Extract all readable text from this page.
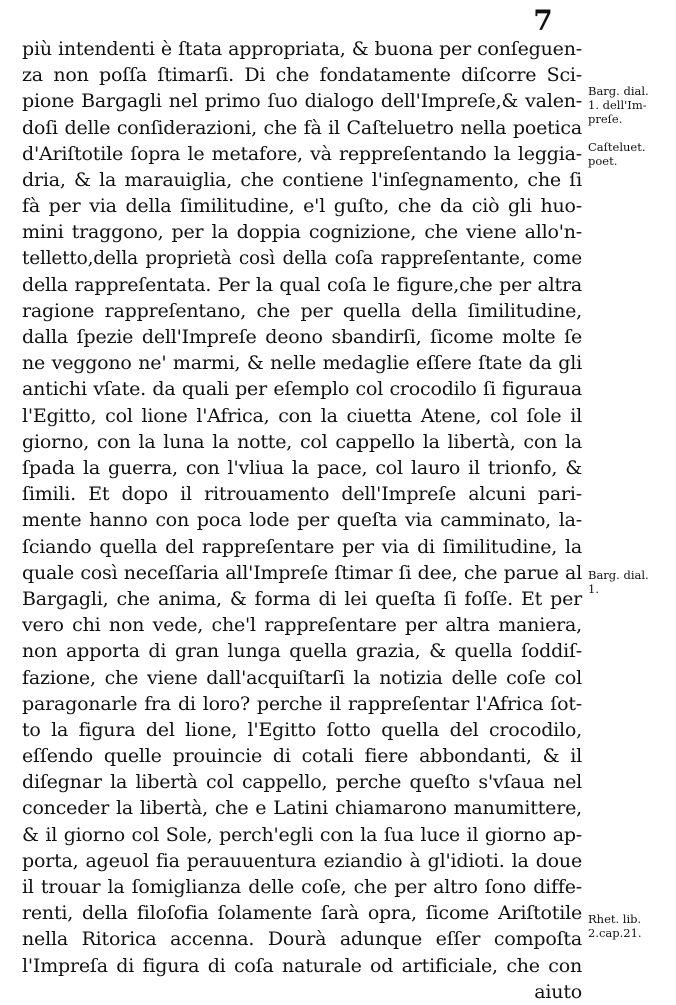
7
più intendenti è ſtata appropriata, & buona per conſeguen-
za non poſſa ſtimarſi. Di che fondatamente diſcorre Sci-
pione Bargagli nel primo ſuo dialogo dell'Impreſe,& valen-
doſi delle conſiderazioni, che fà il Caſteluetro nella poetica
d'Ariſtotile ſopra le metafore, và reppreſentando la leggia-
dria, & la marauiglia, che contiene l'inſegnamento, che ſi
fà per via della ſimilitudine, e'l guſto, che da ciò gli huo-
mini traggono, per la doppia cognizione, che viene allo'n-
telletto,della proprietà così della coſa rappreſentante, come
della rappreſentata. Per la qual coſa le figure,che per altra
ragione rappreſentano, che per quella della ſimilitudine,
dalla ſpezie dell'Impreſe deono sbandirſi, ſicome molte ſe
ne veggono ne' marmi, & nelle medaglie eſſere ſtate da gli
antichi vſate. da quali per eſemplo col crocodilo ſi figuraua
l'Egitto, col lione l'Africa, con la ciuetta Atene, col ſole il
giorno, con la luna la notte, col cappello la libertà, con la
ſpada la guerra, con l'vliua la pace, col lauro il trionfo, &
ſimili. Et dopo il ritrouamento dell'Impreſe alcuni pari-
mente hanno con poca lode per queſta via camminato, la-
ſciando quella del rappreſentare per via di ſimilitudine, la
quale così neceſſaria all'Impreſe ſtimar ſi dee, che parue al
Bargagli, che anima, & forma di lei queſta ſi foſſe. Et per
vero chi non vede, che'l rappreſentare per altra maniera,
non apporta di gran lunga quella grazia, & quella ſoddiſ-
fazione, che viene dall'acquiſtarſi la notizia delle coſe col
paragonarle fra di loro? perche il rappreſentar l'Africa ſot-
to la figura del lione, l'Egitto ſotto quella del crocodilo,
eſſendo quelle prouincie di cotali fiere abbondanti, & il
diſegnar la libertà col cappello, perche queſto s'vſaua nel
conceder la libertà, che e Latini chiamarono manumittere,
& il giorno col Sole, perch'egli con la ſua luce il giorno ap-
porta, ageuol fia perauuentura eziandio à gl'idioti. la doue
il trouar la ſomiglianza delle coſe, che per altro ſono diffe-
renti, della filoſofia ſolamente ſarà opra, ſicome Ariſtotile
nella Ritorica accenna. Dourà adunque eſſer compoſta
l'Impreſa di figura di coſa naturale od artificiale, che con
aiuto
Barg. dial.
1. dell'Im-
preſe.
Caſteluet.
poet.
Barg. dial.
1.
Rhet. lib.
2.cap.21.
